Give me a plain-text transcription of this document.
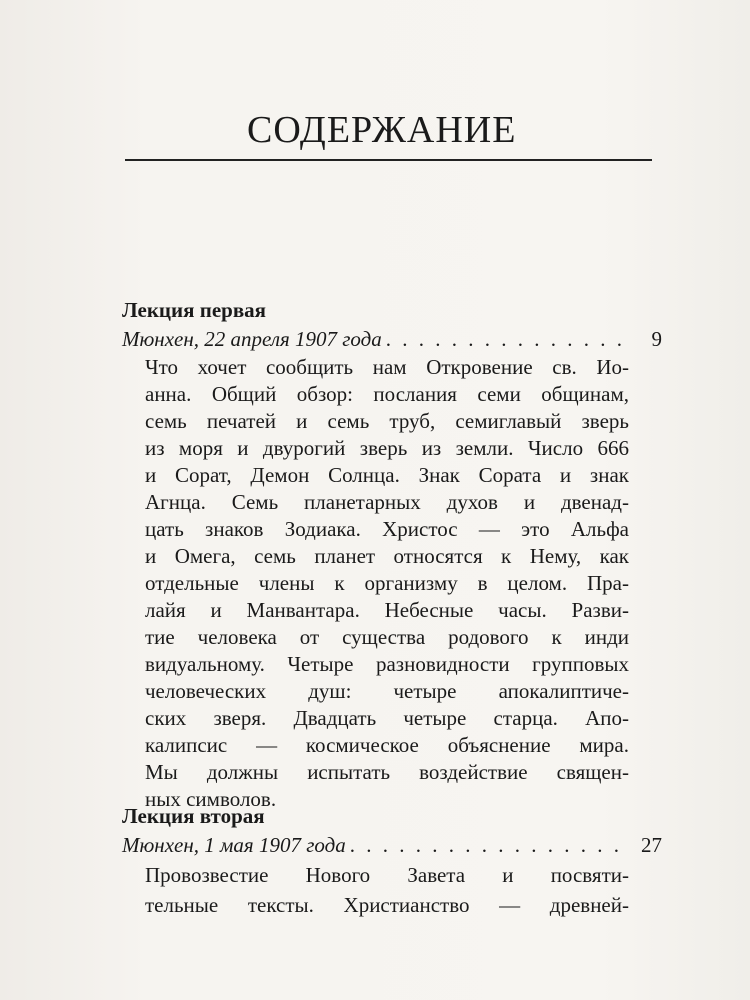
СОДЕРЖАНИЕ
Лекция первая
Мюнхен, 22 апреля 1907 года . . .	9
Что хочет сообщить нам Откровение св. Ио-
анна. Общий обзор: послания семи общинам,
семь печатей и семь труб, семиглавый зверь
из моря и двурогий зверь из земли. Число 666
и Сорат, Демон Солнца. Знак Сората и знак
Агнца. Семь планетарных духов и двенад-
цать знаков Зодиака. Христос — это Альфа
и Омега, семь планет относятся к Нему, как
отдельные члены к организму в целом. Пра-
лайя и Манвантара. Небесные часы. Разви-
тие человека от существа родового к инди
видуальному. Четыре разновидности групповых
человеческих душ: четыре апокалиптиче-
ских зверя. Двадцать четыре старца. Апо-
калипсис — космическое объяснение мира.
Мы должны испытать воздействие священ-
ных символов.
Лекция вторая
Мюнхен, 1 мая 1907 года . . .	27
Провозвестие Нового Завета и посвяти-
тельные тексты. Христианство — древней-
